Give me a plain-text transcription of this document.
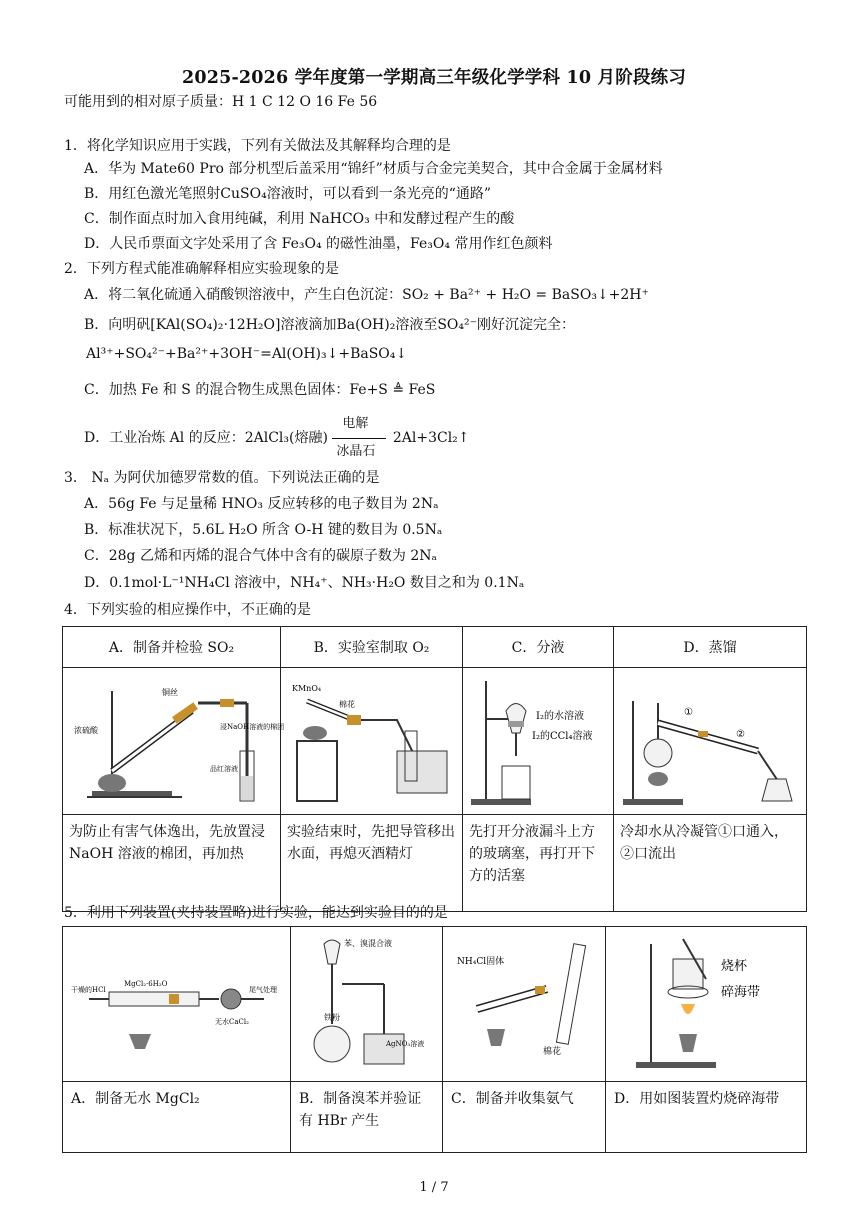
2025-2026 学年度第一学期高三年级化学学科 10 月阶段练习
可能用到的相对原子质量：H 1 C 12 O 16 Fe 56
1．将化学知识应用于实践，下列有关做法及其解释均合理的是
A．华为 Mate60 Pro 部分机型后盖采用“锦纤”材质与合金完美契合，其中合金属于金属材料
B．用红色激光笔照射CuSO₄溶液时，可以看到一条光亮的“通路”
C．制作面点时加入食用纯碱，利用 NaHCO₃ 中和发酵过程产生的酸
D．人民币票面文字处采用了含 Fe₃O₄ 的磁性油墨，Fe₃O₄ 常用作红色颜料
2．下列方程式能准确解释相应实验现象的是
A．将二氧化硫通入硝酸钡溶液中，产生白色沉淀：SO₂ + Ba²⁺ + H₂O = BaSO₃↓+2H⁺
B．向明矾[KAl(SO₄)₂·12H₂O]溶液滴加Ba(OH)₂溶液至SO₄²⁻刚好沉淀完全：
Al³⁺+SO₄²⁻+Ba²⁺+3OH⁻=Al(OH)₃↓+BaSO₄↓
C．加热 Fe 和 S 的混合物生成黑色固体：Fe+S ≜ FeS
D．工业冶炼 Al 的反应：2AlCl₃(熔融)
电解
冰晶石
2Al+3Cl₂↑
3． Nₐ 为阿伏加德罗常数的值。下列说法正确的是
A．56g Fe 与足量稀 HNO₃ 反应转移的电子数目为 2Nₐ
B．标准状况下，5.6L H₂O 所含 O-H 键的数目为 0.5Nₐ
C．28g 乙烯和丙烯的混合气体中含有的碳原子数为 2Nₐ
D．0.1mol·L⁻¹NH₄Cl 溶液中，NH₄⁺、NH₃·H₂O 数目之和为 0.1Nₐ
4．下列实验的相应操作中，不正确的是
A．制备并检验 SO₂	B．实验室制取 O₂	C．分液	D．蒸馏

铜丝
浓硫酸 浸NaOH溶液的棉团
品红溶液	KMnO₄
棉花	I₂的水溶液
I₂的CCl₄溶液	①
②

为防止有害气体逸出，先放置浸 NaOH 溶液的棉团，再加热	实验结束时，先把导管移出水面，再熄灭酒精灯	先打开分液漏斗上方的玻璃塞，再打开下方的活塞	冷却水从冷凝管①口通入，②口流出
5．利用下列装置(夹持装置略)进行实验，能达到实验目的的是
干燥的HCl
MgCl₂·6H₂O
无水CaCl₂
尾气处理	苯、溴混合液
铁粉
AgNO₃溶液	NH₄Cl固体
棉花	烧杯
碎海带

A．制备无水 MgCl₂	B．制备溴苯并验证有 HBr 产生	C．制备并收集氨气	D．用如图装置灼烧碎海带
1 / 7
